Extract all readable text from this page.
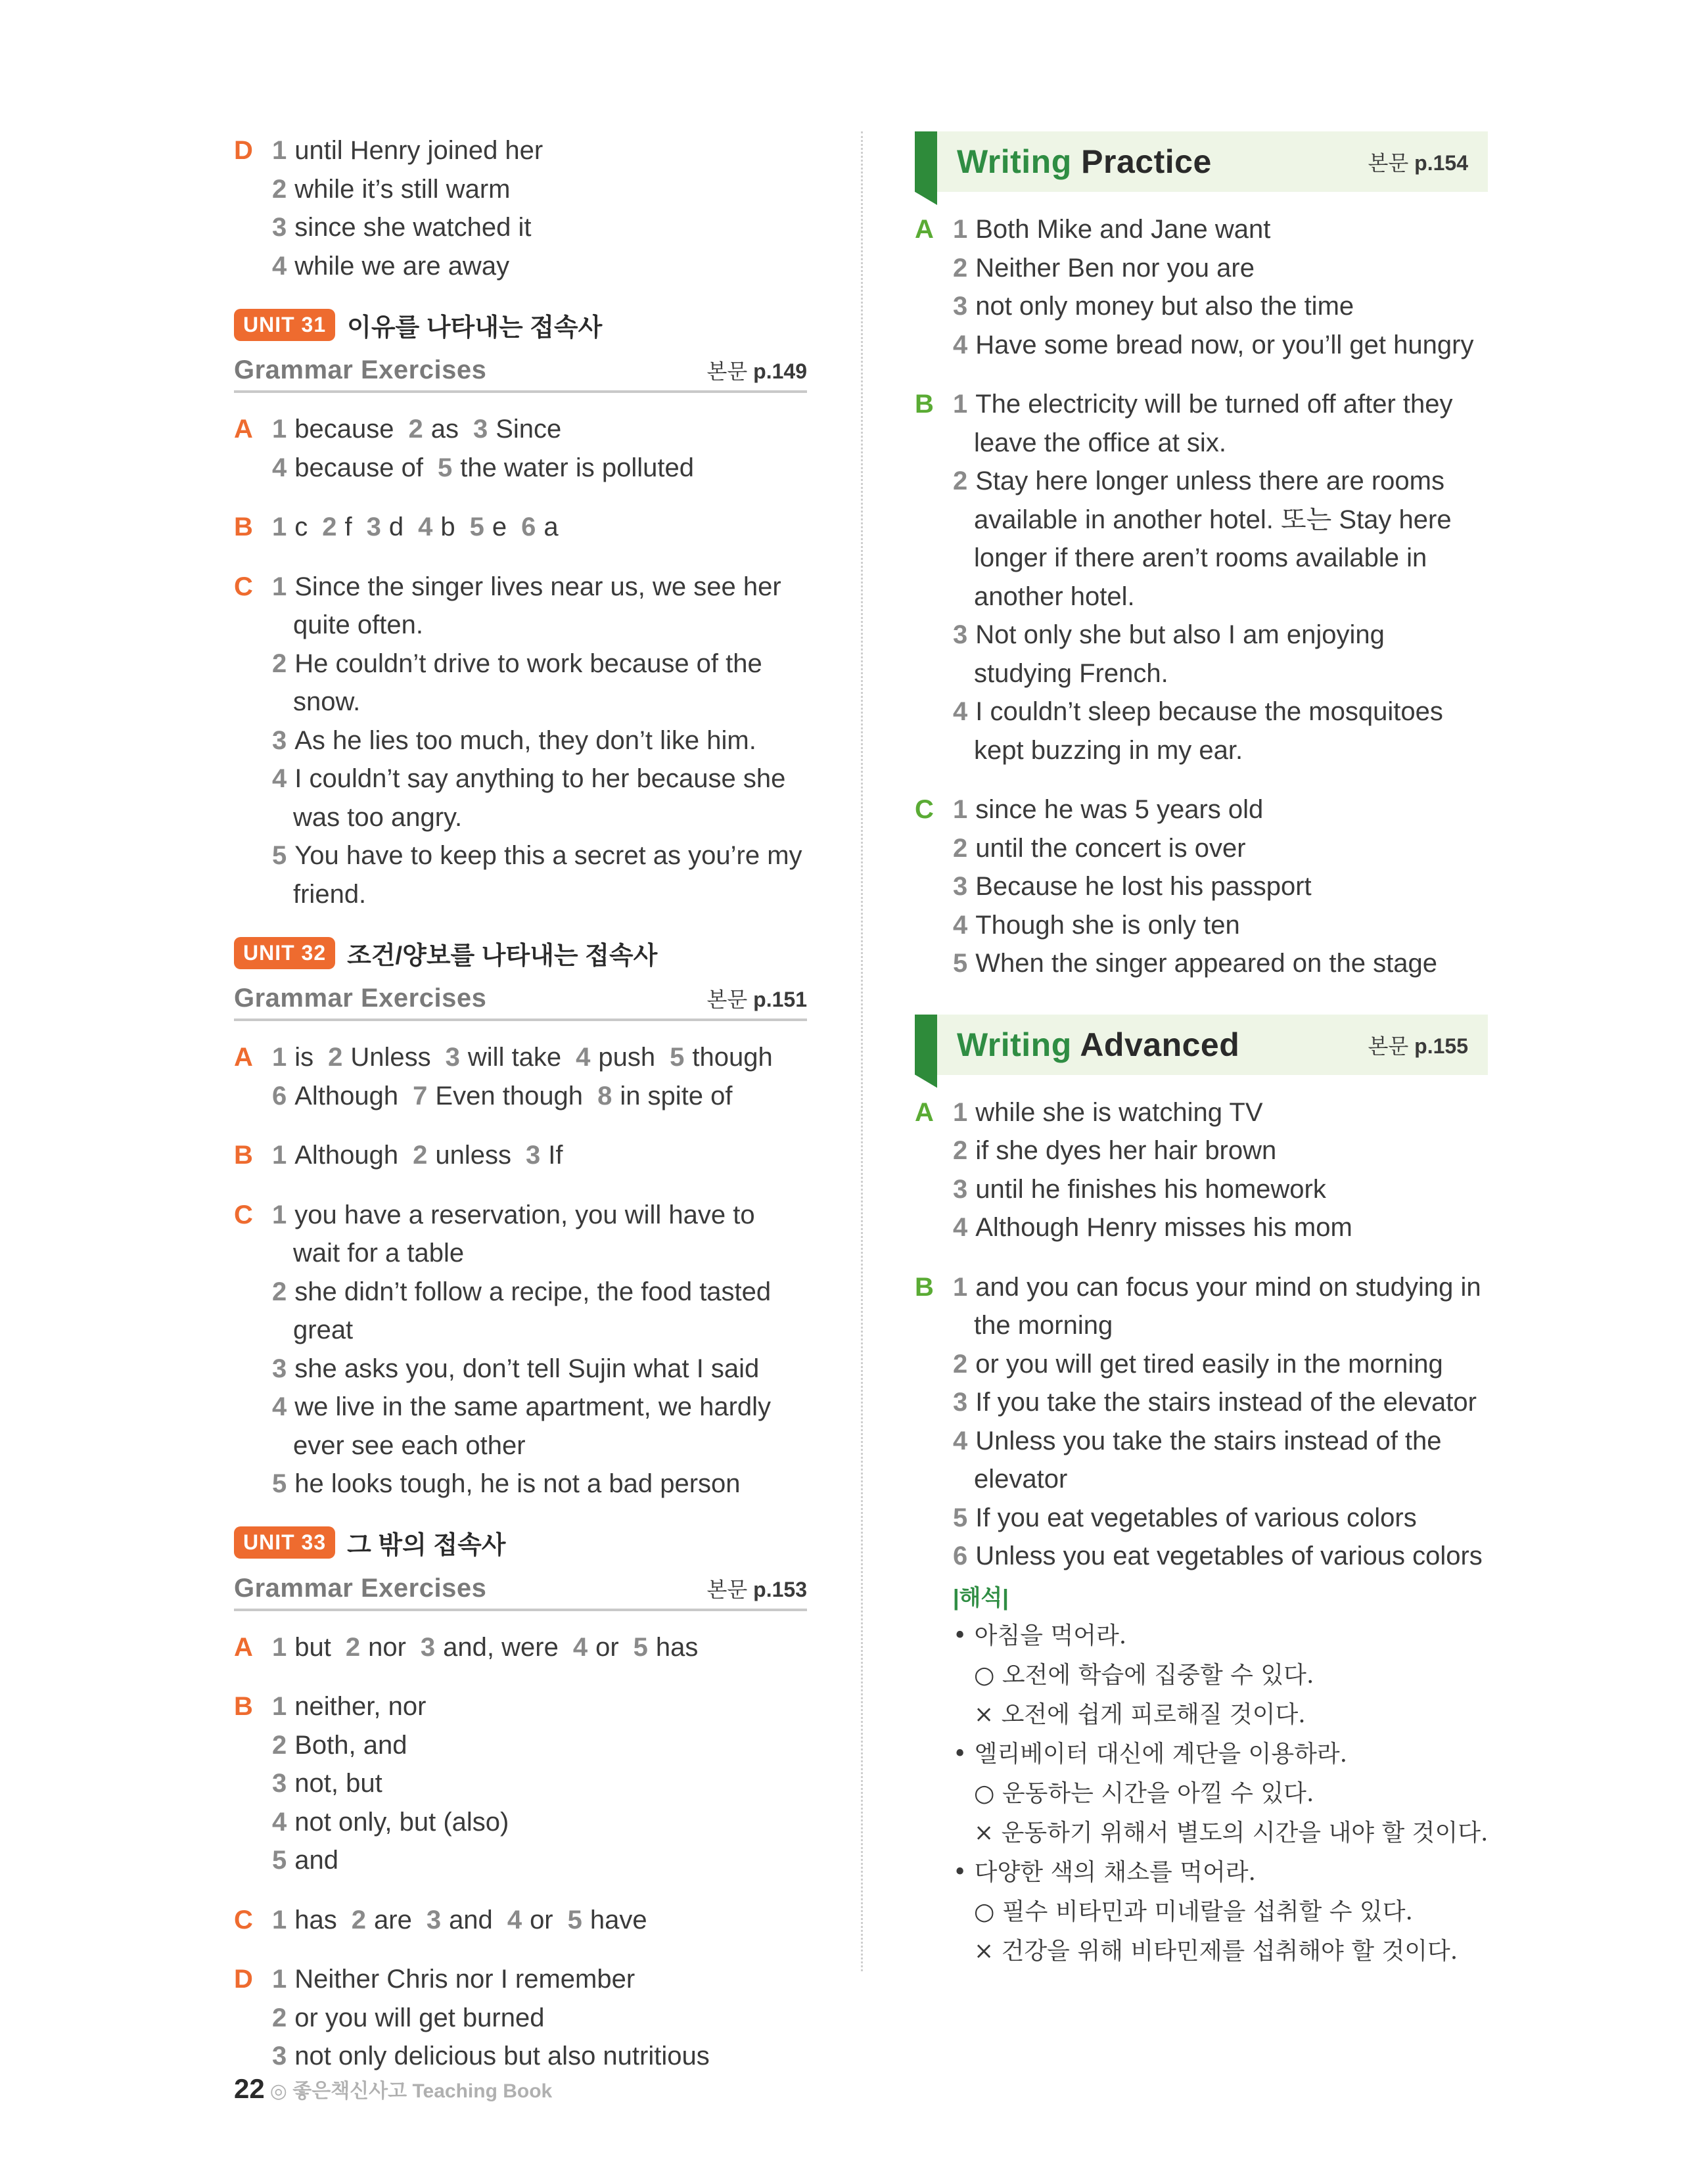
D 1 until Henry joined her
2 while it’s still warm
3 since she watched it
4 while we are away
UNIT 31 이유를 나타내는 접속사
Grammar Exercises	본문 p.149
A 1 because 2 as 3 Since
4 because of 5 the water is polluted
B 1 c 2 f 3 d 4 b 5 e 6 a
C 1 Since the singer lives near us, we see her quite often.
2 He couldn’t drive to work because of the snow.
3 As he lies too much, they don’t like him.
4 I couldn’t say anything to her because she was too angry.
5 You have to keep this a secret as you’re my friend.
UNIT 32 조건/양보를 나타내는 접속사
Grammar Exercises	본문 p.151
A 1 is 2 Unless 3 will take 4 push 5 though
6 Although 7 Even though 8 in spite of
B 1 Although 2 unless 3 If
C 1 you have a reservation, you will have to wait for a table
2 she didn’t follow a recipe, the food tasted great
3 she asks you, don’t tell Sujin what I said
4 we live in the same apartment, we hardly ever see each other
5 he looks tough, he is not a bad person
UNIT 33 그 밖의 접속사
Grammar Exercises	본문 p.153
A 1 but 2 nor 3 and, were 4 or 5 has
B 1 neither, nor
2 Both, and
3 not, but
4 not only, but (also)
5 and
C 1 has 2 are 3 and 4 or 5 have
D 1 Neither Chris nor I remember
2 or you will get burned
3 not only delicious but also nutritious
Writing Practice	본문 p.154
A 1 Both Mike and Jane want
2 Neither Ben nor you are
3 not only money but also the time
4 Have some bread now, or you’ll get hungry
B 1 The electricity will be turned off after they leave the office at six.
2 Stay here longer unless there are rooms available in another hotel. 또는 Stay here longer if there aren’t rooms available in another hotel.
3 Not only she but also I am enjoying studying French.
4 I couldn’t sleep because the mosquitoes kept buzzing in my ear.
C 1 since he was 5 years old
2 until the concert is over
3 Because he lost his passport
4 Though she is only ten
5 When the singer appeared on the stage
Writing Advanced	본문 p.155
A 1 while she is watching TV
2 if she dyes her hair brown
3 until he finishes his homework
4 Although Henry misses his mom
B 1 and you can focus your mind on studying in the morning
2 or you will get tired easily in the morning
3 If you take the stairs instead of the elevator
4 Unless you take the stairs instead of the elevator
5 If you eat vegetables of various colors
6 Unless you eat vegetables of various colors
|해석|
• 아침을 먹어라.
○ 오전에 학습에 집중할 수 있다.
× 오전에 쉽게 피로해질 것이다.
• 엘리베이터 대신에 계단을 이용하라.
○ 운동하는 시간을 아낄 수 있다.
× 운동하기 위해서 별도의 시간을 내야 할 것이다.
• 다양한 색의 채소를 먹어라.
○ 필수 비타민과 미네랄을 섭취할 수 있다.
× 건강을 위해 비타민제를 섭취해야 할 것이다.
22 ◎ 좋은책신사고 Teaching Book
